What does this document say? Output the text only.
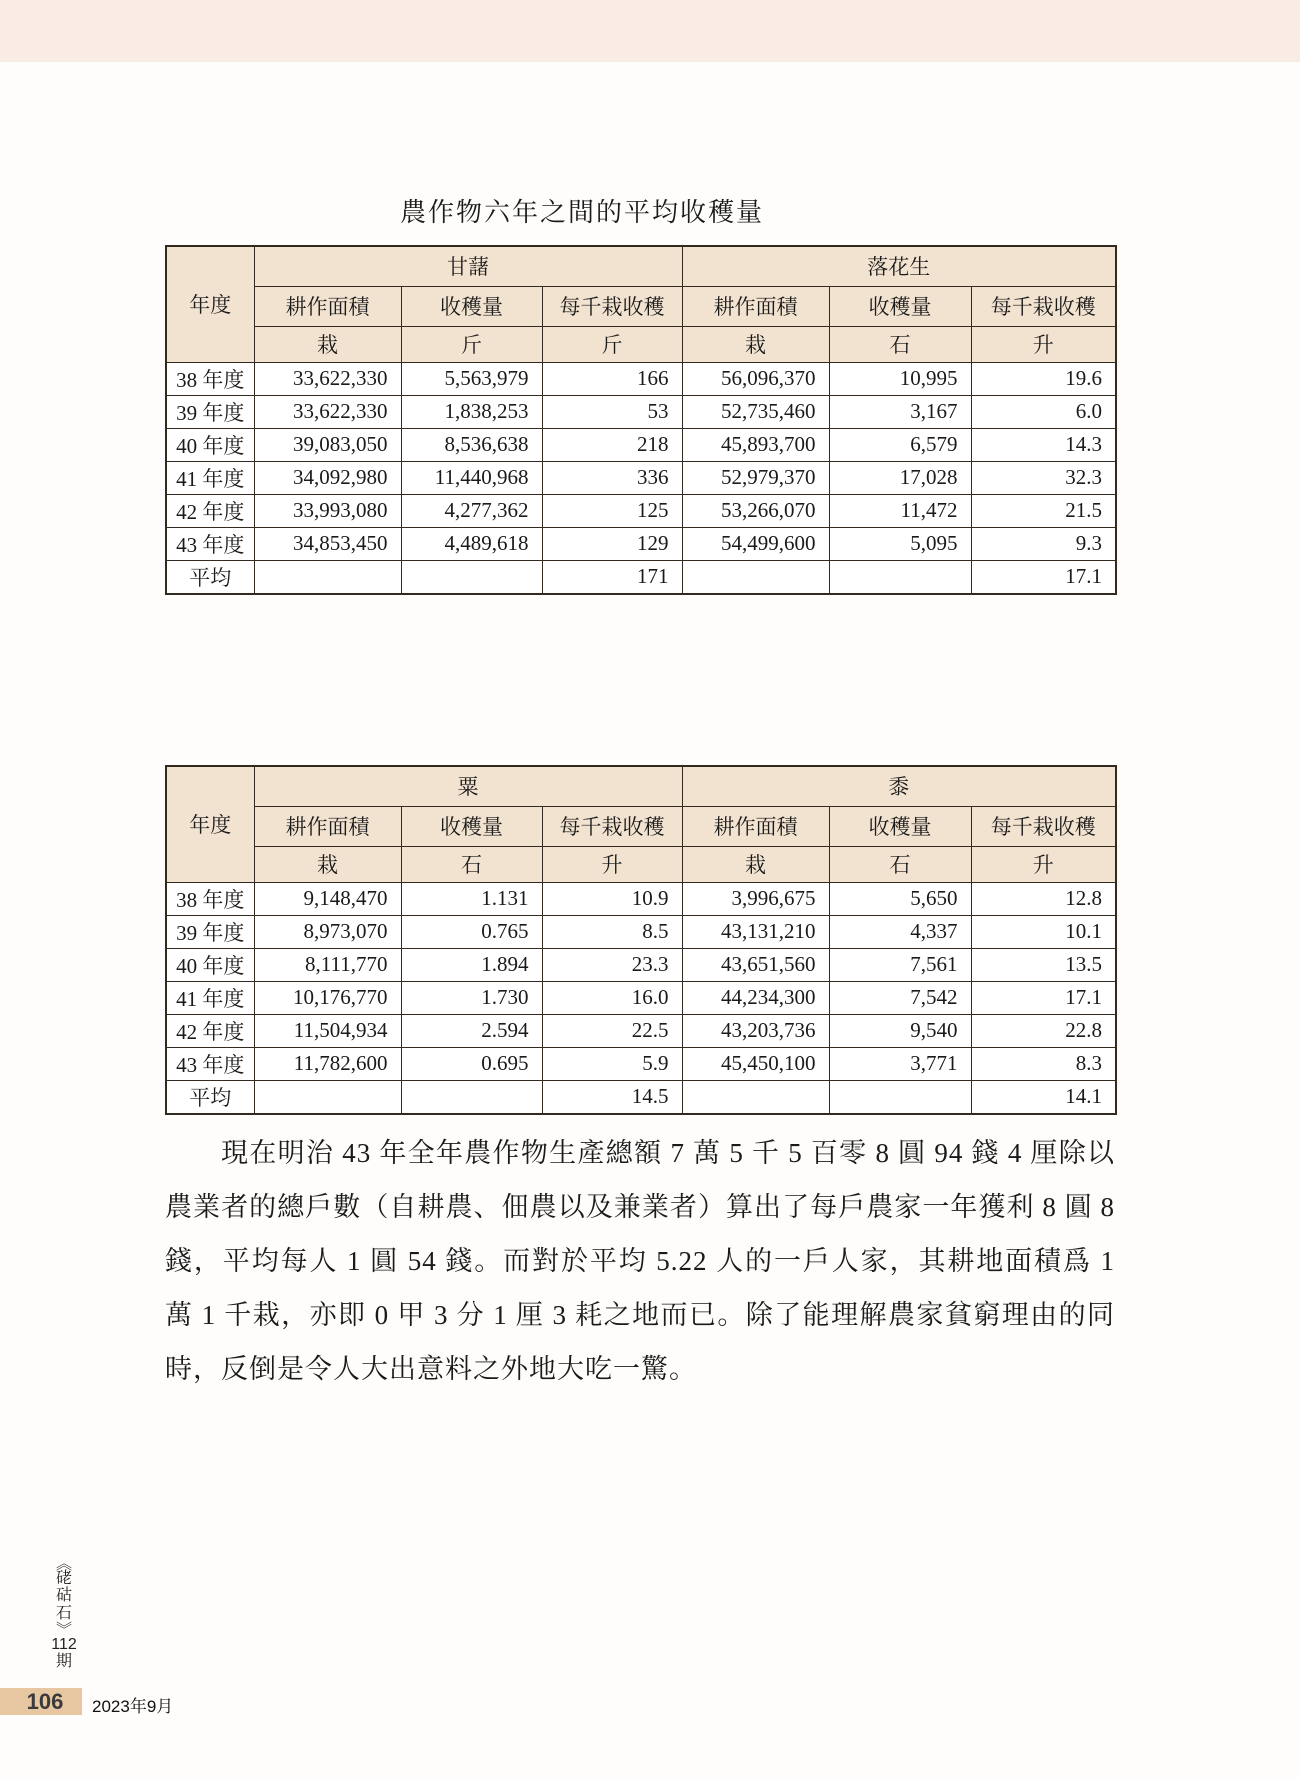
農作物六年之間的平均收穫量
年度	甘藷			落花生		
	耕作面積	收穫量	每千栽收穫	耕作面積	收穫量	每千栽收穫
	栽	斤	斤	栽	石	升
38 年度	33,622,330	5,563,979	166	56,096,370	10,995	19.6
39 年度	33,622,330	1,838,253	53	52,735,460	3,167	6.0
40 年度	39,083,050	8,536,638	218	45,893,700	6,579	14.3
41 年度	34,092,980	11,440,968	336	52,979,370	17,028	32.3
42 年度	33,993,080	4,277,362	125	53,266,070	11,472	21.5
43 年度	34,853,450	4,489,618	129	54,499,600	5,095	9.3
平均			171			17.1
年度	粟			黍		
	耕作面積	收穫量	每千栽收穫	耕作面積	收穫量	每千栽收穫
	栽	石	升	栽	石	升
38 年度	9,148,470	1.131	10.9	3,996,675	5,650	12.8
39 年度	8,973,070	0.765	8.5	43,131,210	4,337	10.1
40 年度	8,111,770	1.894	23.3	43,651,560	7,561	13.5
41 年度	10,176,770	1.730	16.0	44,234,300	7,542	17.1
42 年度	11,504,934	2.594	22.5	43,203,736	9,540	22.8
43 年度	11,782,600	0.695	5.9	45,450,100	3,771	8.3
平均			14.5			14.1

現在明治 43 年全年農作物生產總額 7 萬 5 千 5 百零 8 圓 94 錢 4 厘除以農業者的總戶數（自耕農、佃農以及兼業者）算出了每戶農家一年獲利 8 圓 8 錢，平均每人 1 圓 54 錢。而對於平均 5.22 人的一戶人家，其耕地面積爲 1 萬 1 千栽，亦即 0 甲 3 分 1 厘 3 耗之地而已。除了能理解農家貧窮理由的同時，反倒是令人大出意料之外地大吃一驚。

《
硓
𥑮
石
》
112
期
106 2023年9月
